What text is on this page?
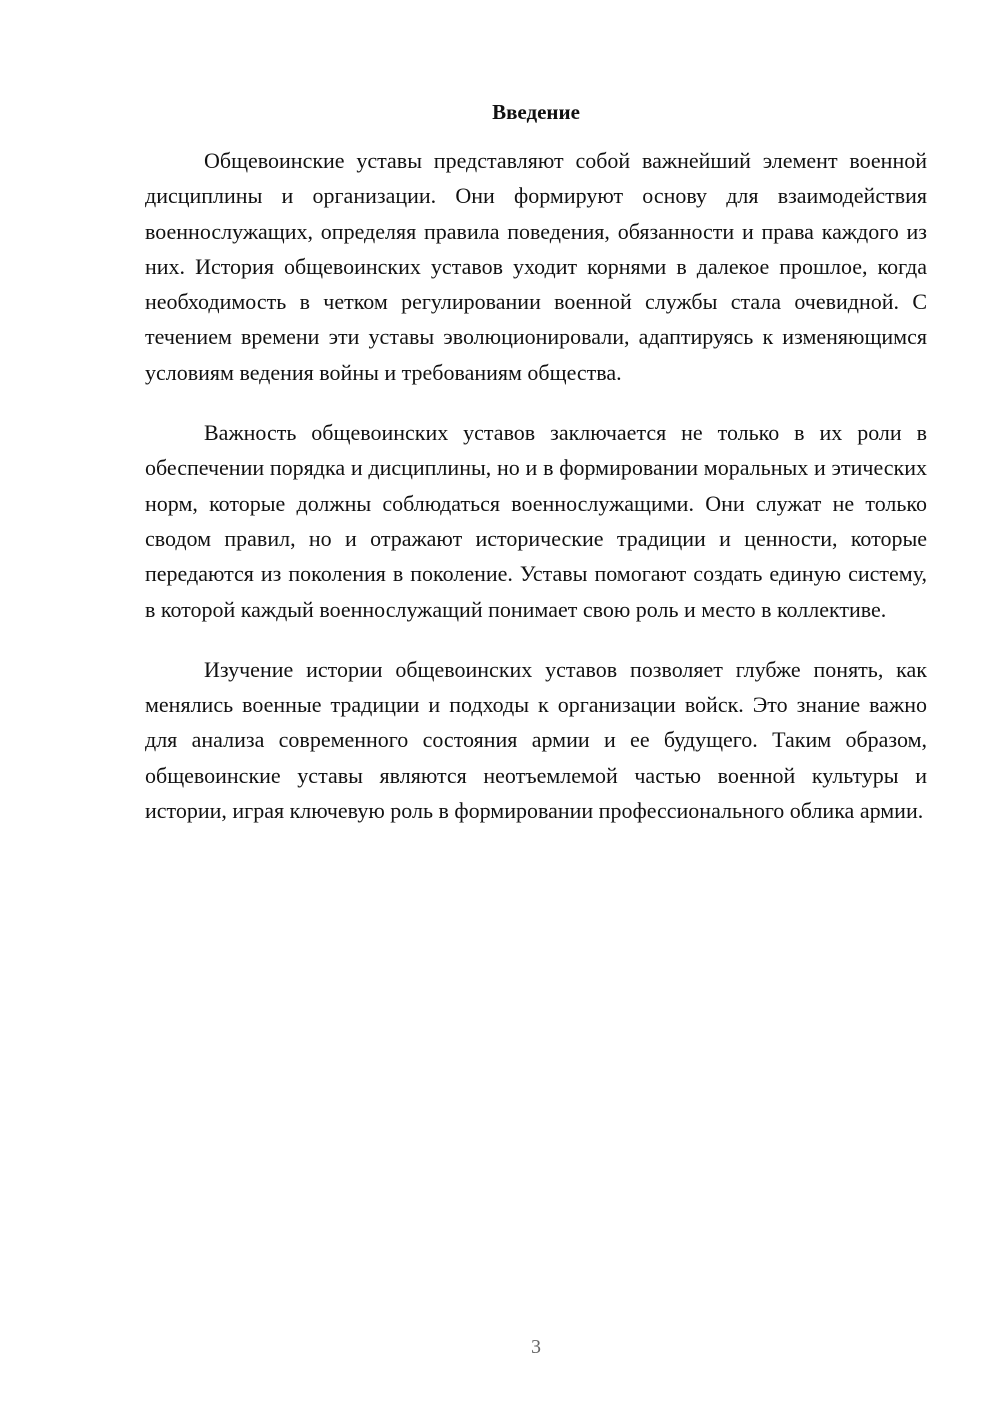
Введение

Общевоинские уставы представляют собой важнейший элемент военной дисциплины и организации. Они формируют основу для взаимодействия военнослужащих, определяя правила поведения, обязанности и права каждого из них. История общевоинских уставов уходит корнями в далекое прошлое, когда необходимость в четком регулировании военной службы стала очевидной. С течением времени эти уставы эволюционировали, адаптируясь к изменяющимся условиям ведения войны и требованиям общества.

Важность общевоинских уставов заключается не только в их роли в обеспечении порядка и дисциплины, но и в формировании моральных и этических норм, которые должны соблюдаться военнослужащими. Они служат не только сводом правил, но и отражают исторические традиции и ценности, которые передаются из поколения в поколение. Уставы помогают создать единую систему, в которой каждый военнослужащий понимает свою роль и место в коллективе.

Изучение истории общевоинских уставов позволяет глубже понять, как менялись военные традиции и подходы к организации войск. Это знание важно для анализа современного состояния армии и ее будущего. Таким образом, общевоинские уставы являются неотъемлемой частью военной культуры и истории, играя ключевую роль в формировании профессионального облика армии.

3
